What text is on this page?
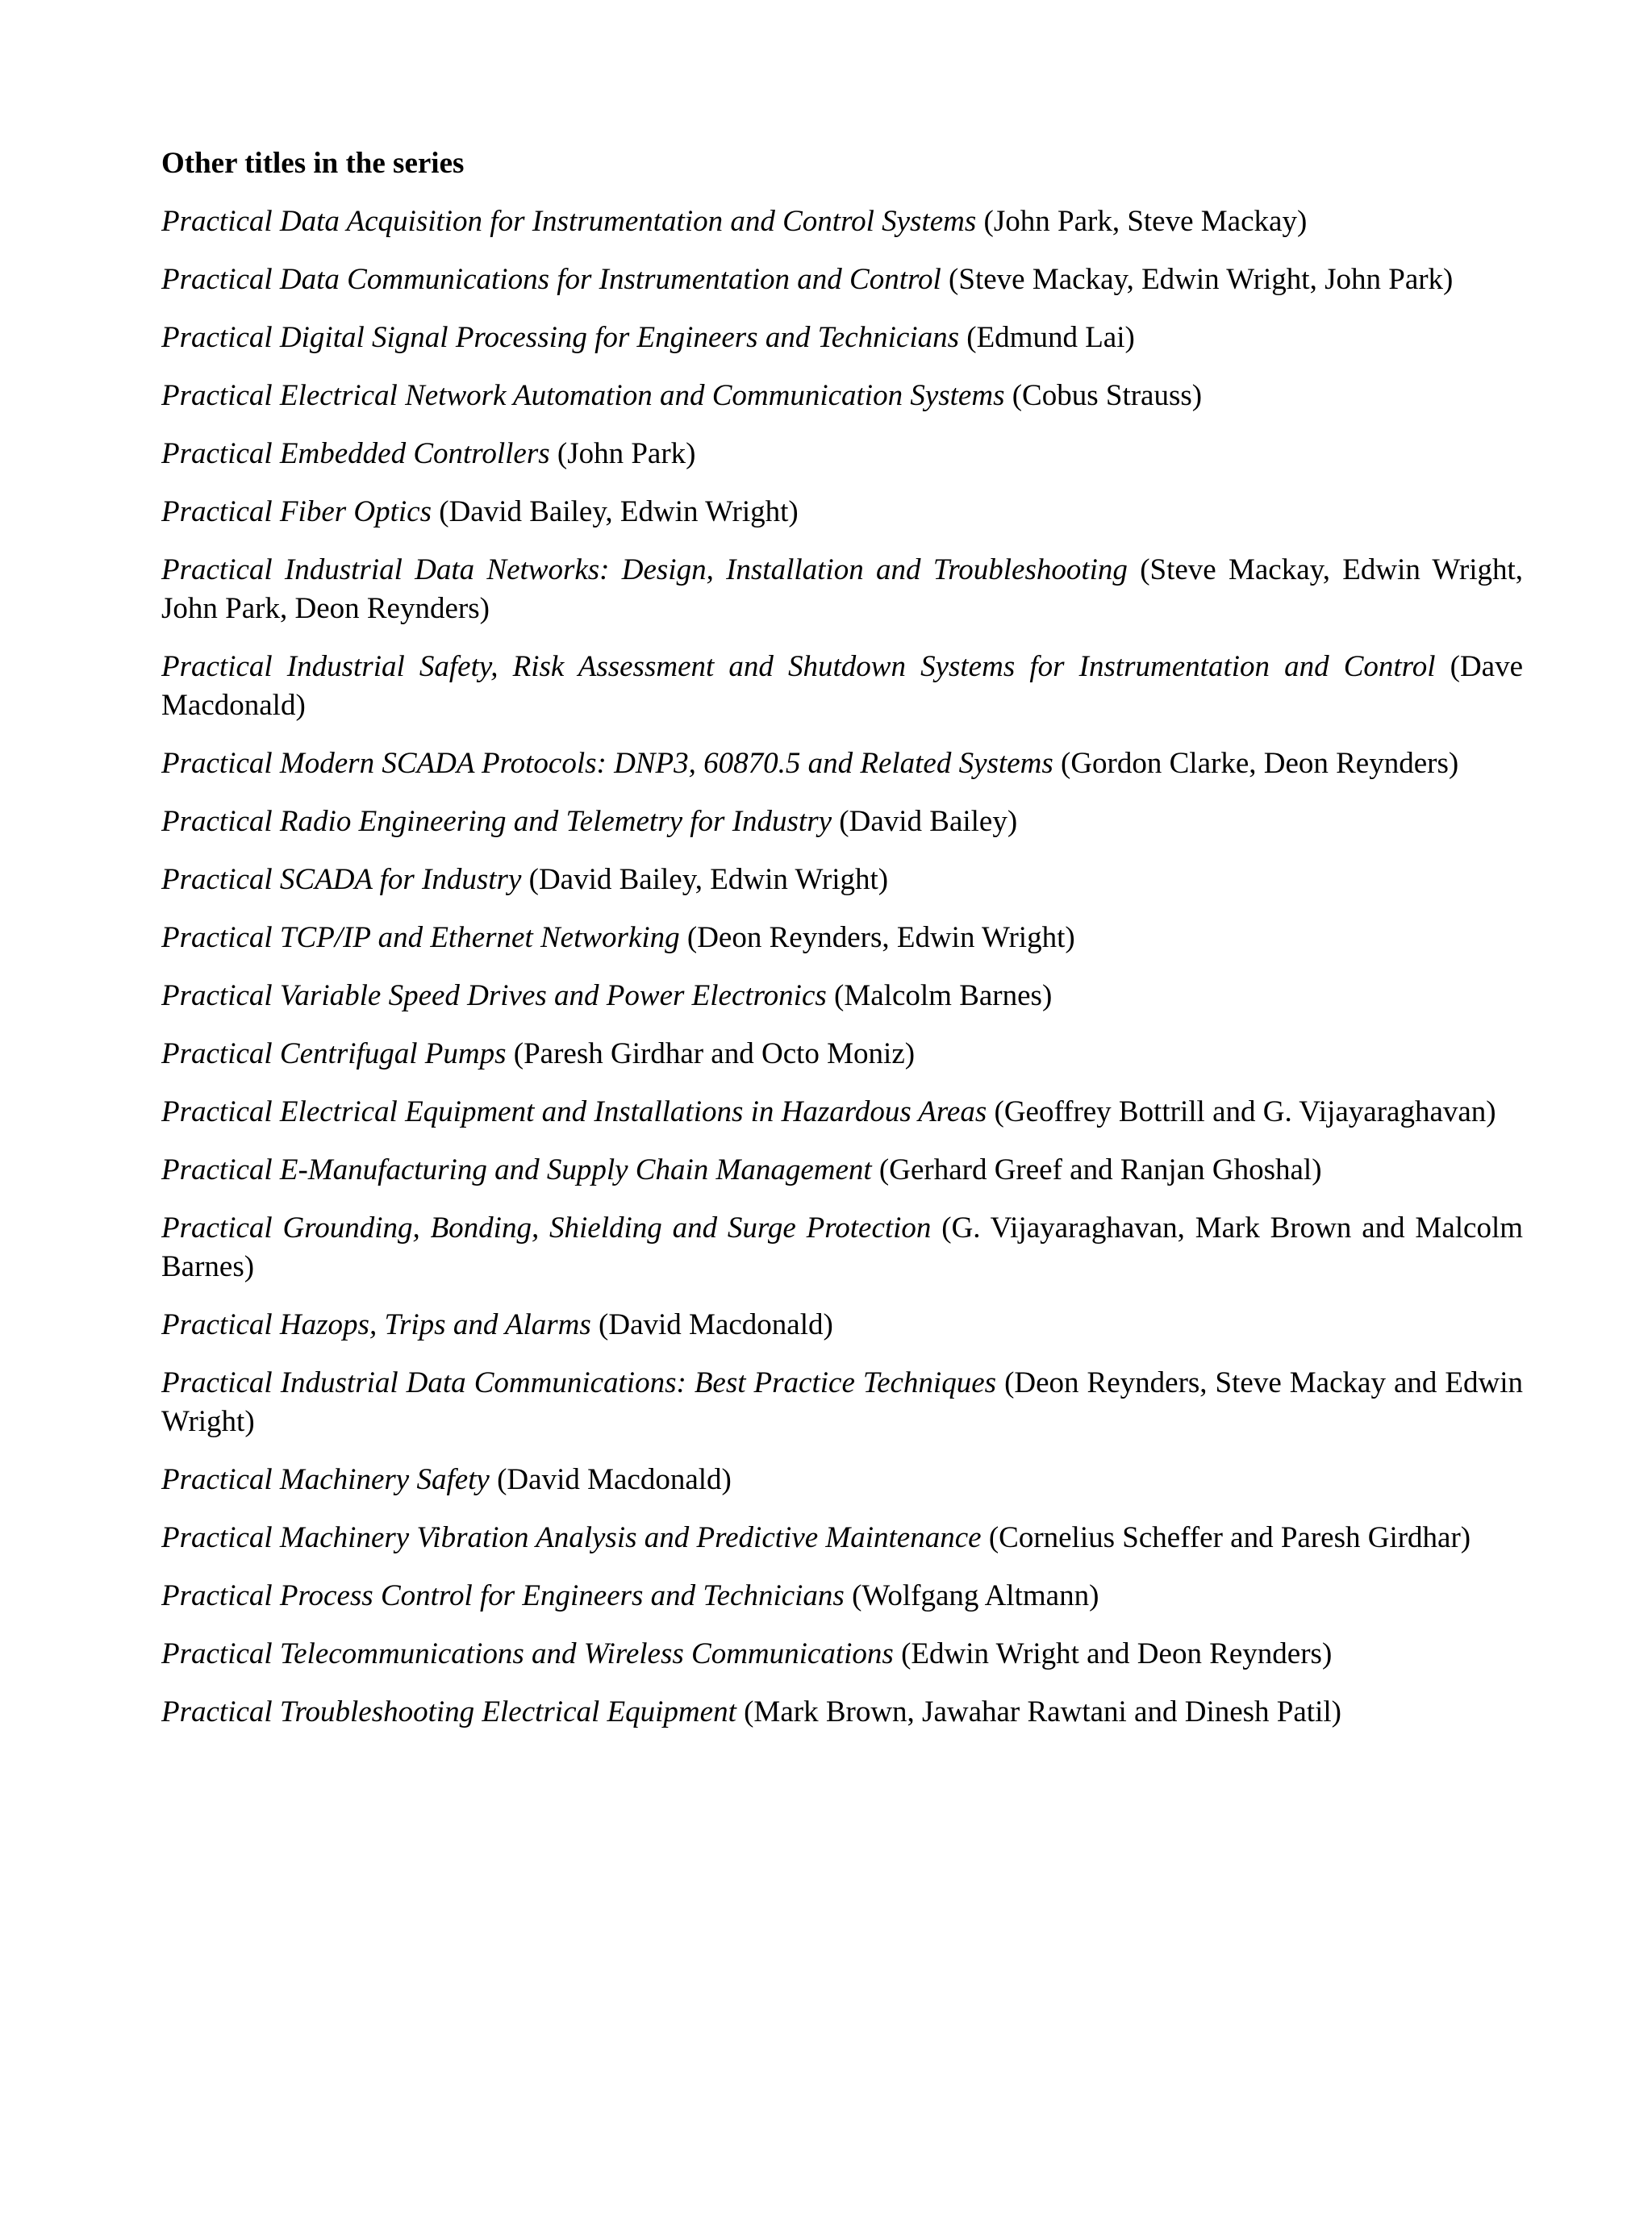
Other titles in the series
Practical Data Acquisition for Instrumentation and Control Systems (John Park, Steve Mackay)
Practical Data Communications for Instrumentation and Control (Steve Mackay, Edwin Wright, John Park)
Practical Digital Signal Processing for Engineers and Technicians (Edmund Lai)
Practical Electrical Network Automation and Communication Systems (Cobus Strauss)
Practical Embedded Controllers (John Park)
Practical Fiber Optics (David Bailey, Edwin Wright)
Practical Industrial Data Networks: Design, Installation and Troubleshooting (Steve Mackay, Edwin Wright, John Park, Deon Reynders)
Practical Industrial Safety, Risk Assessment and Shutdown Systems for Instrumentation and Control (Dave Macdonald)
Practical Modern SCADA Protocols: DNP3, 60870.5 and Related Systems (Gordon Clarke, Deon Reynders)
Practical Radio Engineering and Telemetry for Industry (David Bailey)
Practical SCADA for Industry (David Bailey, Edwin Wright)
Practical TCP/IP and Ethernet Networking (Deon Reynders, Edwin Wright)
Practical Variable Speed Drives and Power Electronics (Malcolm Barnes)
Practical Centrifugal Pumps (Paresh Girdhar and Octo Moniz)
Practical Electrical Equipment and Installations in Hazardous Areas (Geoffrey Bottrill and G. Vijayaraghavan)
Practical E-Manufacturing and Supply Chain Management (Gerhard Greef and Ranjan Ghoshal)
Practical Grounding, Bonding, Shielding and Surge Protection (G. Vijayaraghavan, Mark Brown and Malcolm Barnes)
Practical Hazops, Trips and Alarms (David Macdonald)
Practical Industrial Data Communications: Best Practice Techniques (Deon Reynders, Steve Mackay and Edwin Wright)
Practical Machinery Safety (David Macdonald)
Practical Machinery Vibration Analysis and Predictive Maintenance (Cornelius Scheffer and Paresh Girdhar)
Practical Process Control for Engineers and Technicians (Wolfgang Altmann)
Practical Telecommunications and Wireless Communications (Edwin Wright and Deon Reynders)
Practical Troubleshooting Electrical Equipment (Mark Brown, Jawahar Rawtani and Dinesh Patil)
